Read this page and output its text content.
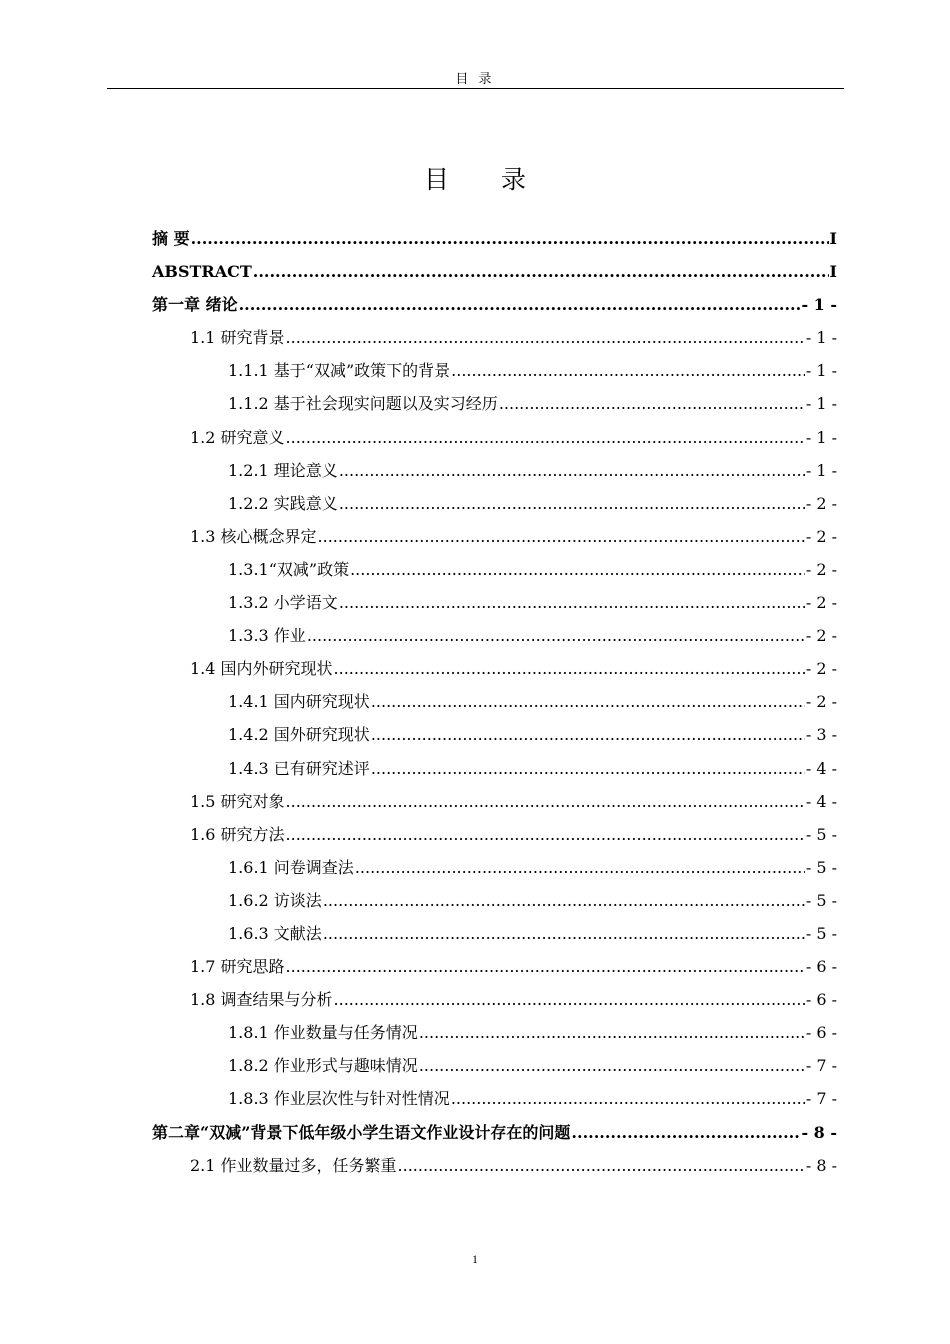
目 录
目 录
摘 要 .....	I
ABSTRACT .....	I
第一章 绪论 .....	- 1 -
1.1 研究背景 .....	- 1 -
1.1.1 基于“双减”政策下的背景 .....	- 1 -
1.1.2 基于社会现实问题以及实习经历 .....	- 1 -
1.2 研究意义 .....	- 1 -
1.2.1 理论意义 .....	- 1 -
1.2.2 实践意义 .....	- 2 -
1.3 核心概念界定 .....	- 2 -
1.3.1“双减”政策 .....	- 2 -
1.3.2 小学语文 .....	- 2 -
1.3.3 作业 .....	- 2 -
1.4 国内外研究现状 .....	- 2 -
1.4.1 国内研究现状 .....	- 2 -
1.4.2 国外研究现状 .....	- 3 -
1.4.3 已有研究述评 .....	- 4 -
1.5 研究对象 .....	- 4 -
1.6 研究方法 .....	- 5 -
1.6.1 问卷调查法 .....	- 5 -
1.6.2 访谈法 .....	- 5 -
1.6.3 文献法 .....	- 5 -
1.7 研究思路 .....	- 6 -
1.8 调查结果与分析 .....	- 6 -
1.8.1 作业数量与任务情况 .....	- 6 -
1.8.2 作业形式与趣味情况 .....	- 7 -
1.8.3 作业层次性与针对性情况 .....	- 7 -
第二章“双减”背景下低年级小学生语文作业设计存在的问题 .....	- 8 -
2.1 作业数量过多，任务繁重 .....	- 8 -
1
